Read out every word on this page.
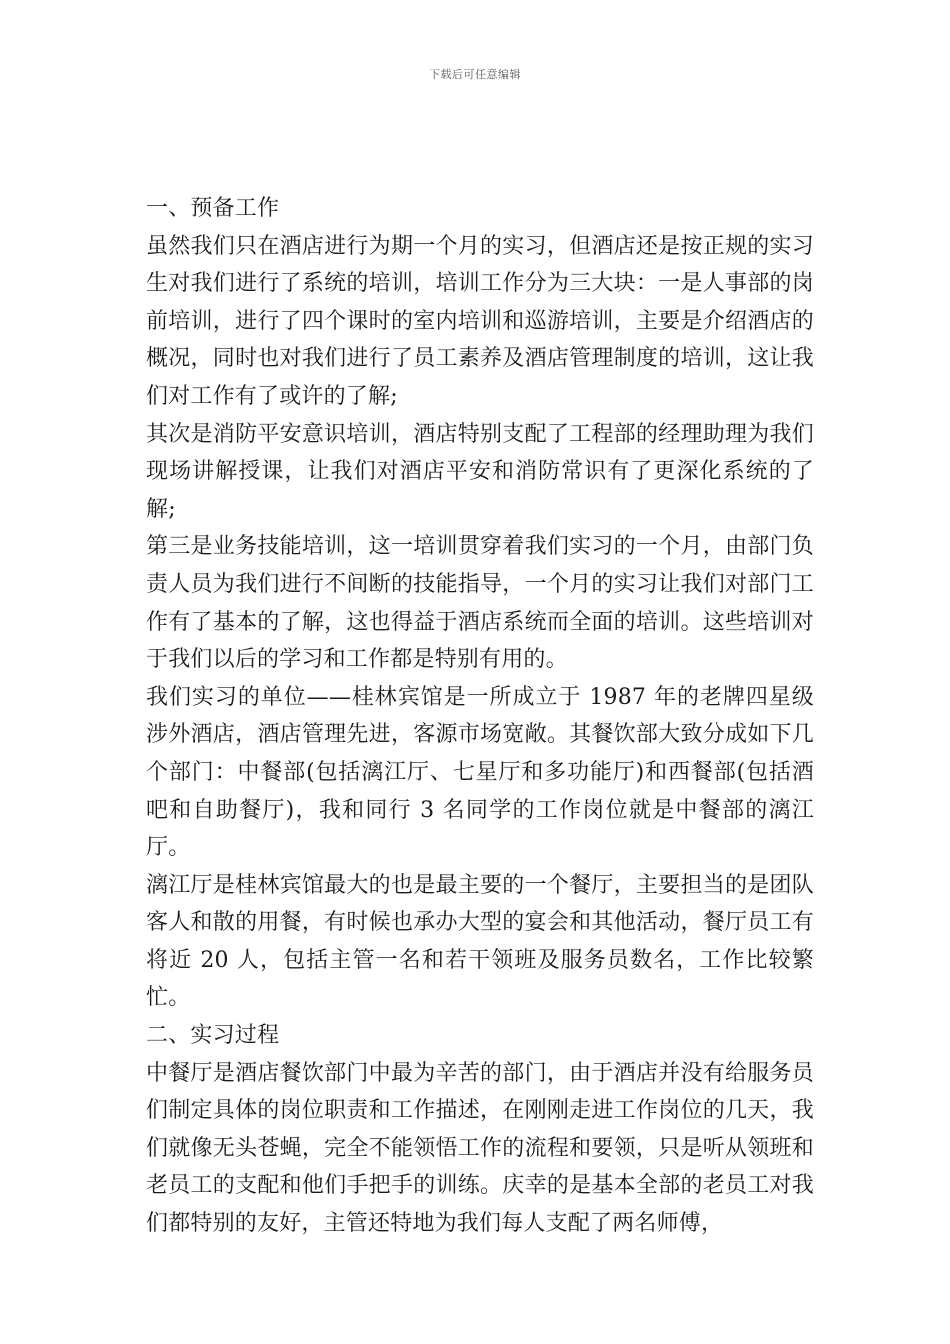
下载后可任意编辑

一、预备工作

虽然我们只在酒店进行为期一个月的实习，但酒店还是按正规的实习生对我们进行了系统的培训，培训工作分为三大块：一是人事部的岗前培训，进行了四个课时的室内培训和巡游培训，主要是介绍酒店的概况，同时也对我们进行了员工素养及酒店管理制度的培训，这让我们对工作有了或许的了解;

其次是消防平安意识培训，酒店特别支配了工程部的经理助理为我们现场讲解授课，让我们对酒店平安和消防常识有了更深化系统的了解;

第三是业务技能培训，这一培训贯穿着我们实习的一个月，由部门负责人员为我们进行不间断的技能指导，一个月的实习让我们对部门工作有了基本的了解，这也得益于酒店系统而全面的培训。这些培训对于我们以后的学习和工作都是特别有用的。

我们实习的单位——桂林宾馆是一所成立于 1987 年的老牌四星级涉外酒店，酒店管理先进，客源市场宽敞。其餐饮部大致分成如下几个部门：中餐部(包括漓江厅、七星厅和多功能厅)和西餐部(包括酒吧和自助餐厅)，我和同行 3 名同学的工作岗位就是中餐部的漓江厅。

漓江厅是桂林宾馆最大的也是最主要的一个餐厅，主要担当的是团队客人和散的用餐，有时候也承办大型的宴会和其他活动，餐厅员工有将近 20 人，包括主管一名和若干领班及服务员数名，工作比较繁忙。

二、实习过程

中餐厅是酒店餐饮部门中最为辛苦的部门，由于酒店并没有给服务员们制定具体的岗位职责和工作描述，在刚刚走进工作岗位的几天，我们就像无头苍蝇，完全不能领悟工作的流程和要领，只是听从领班和老员工的支配和他们手把手的训练。庆幸的是基本全部的老员工对我们都特别的友好，主管还特地为我们每人支配了两名师傅，
